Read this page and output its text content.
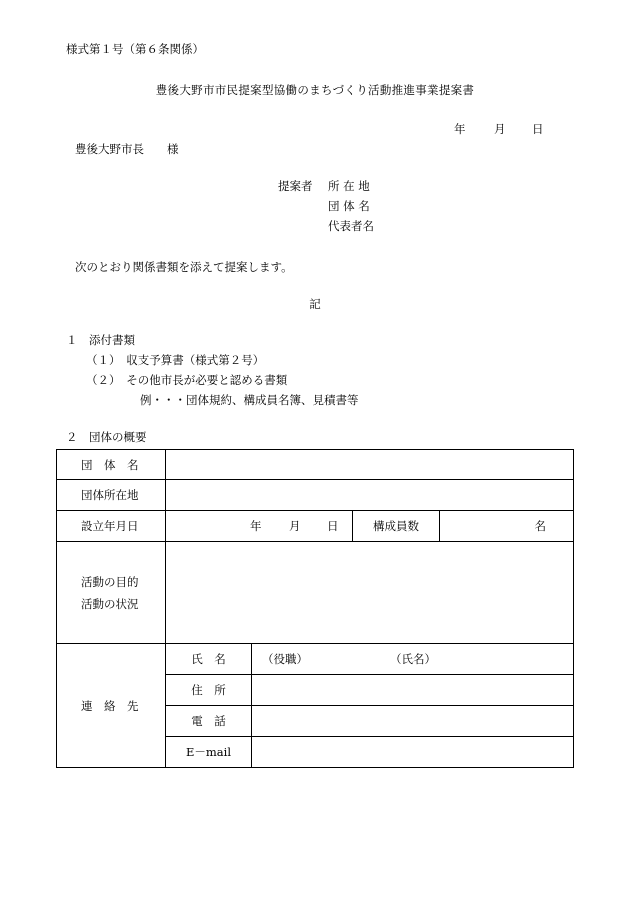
様式第１号（第６条関係）
豊後大野市市民提案型協働のまちづくり活動推進事業提案書
年 月 日
豊後大野市長　　様
提案者 所 在 地
団 体 名
代表者名
次のとおり関係書類を添えて提案します。
記
１　添付書類
（１）　収支予算書（様式第２号）
（２）　その他市長が必要と認める書類
例・・・団体規約、構成員名簿、見積書等
２　団体の概要
団　体　名				
団体所在地				
設立年月日	年 月 日		構成員数	名

活動の目的
活動の状況				

連　絡　先	氏　名	（役職） （氏名）		

	住　所			
	電　話			
	E－mail			
